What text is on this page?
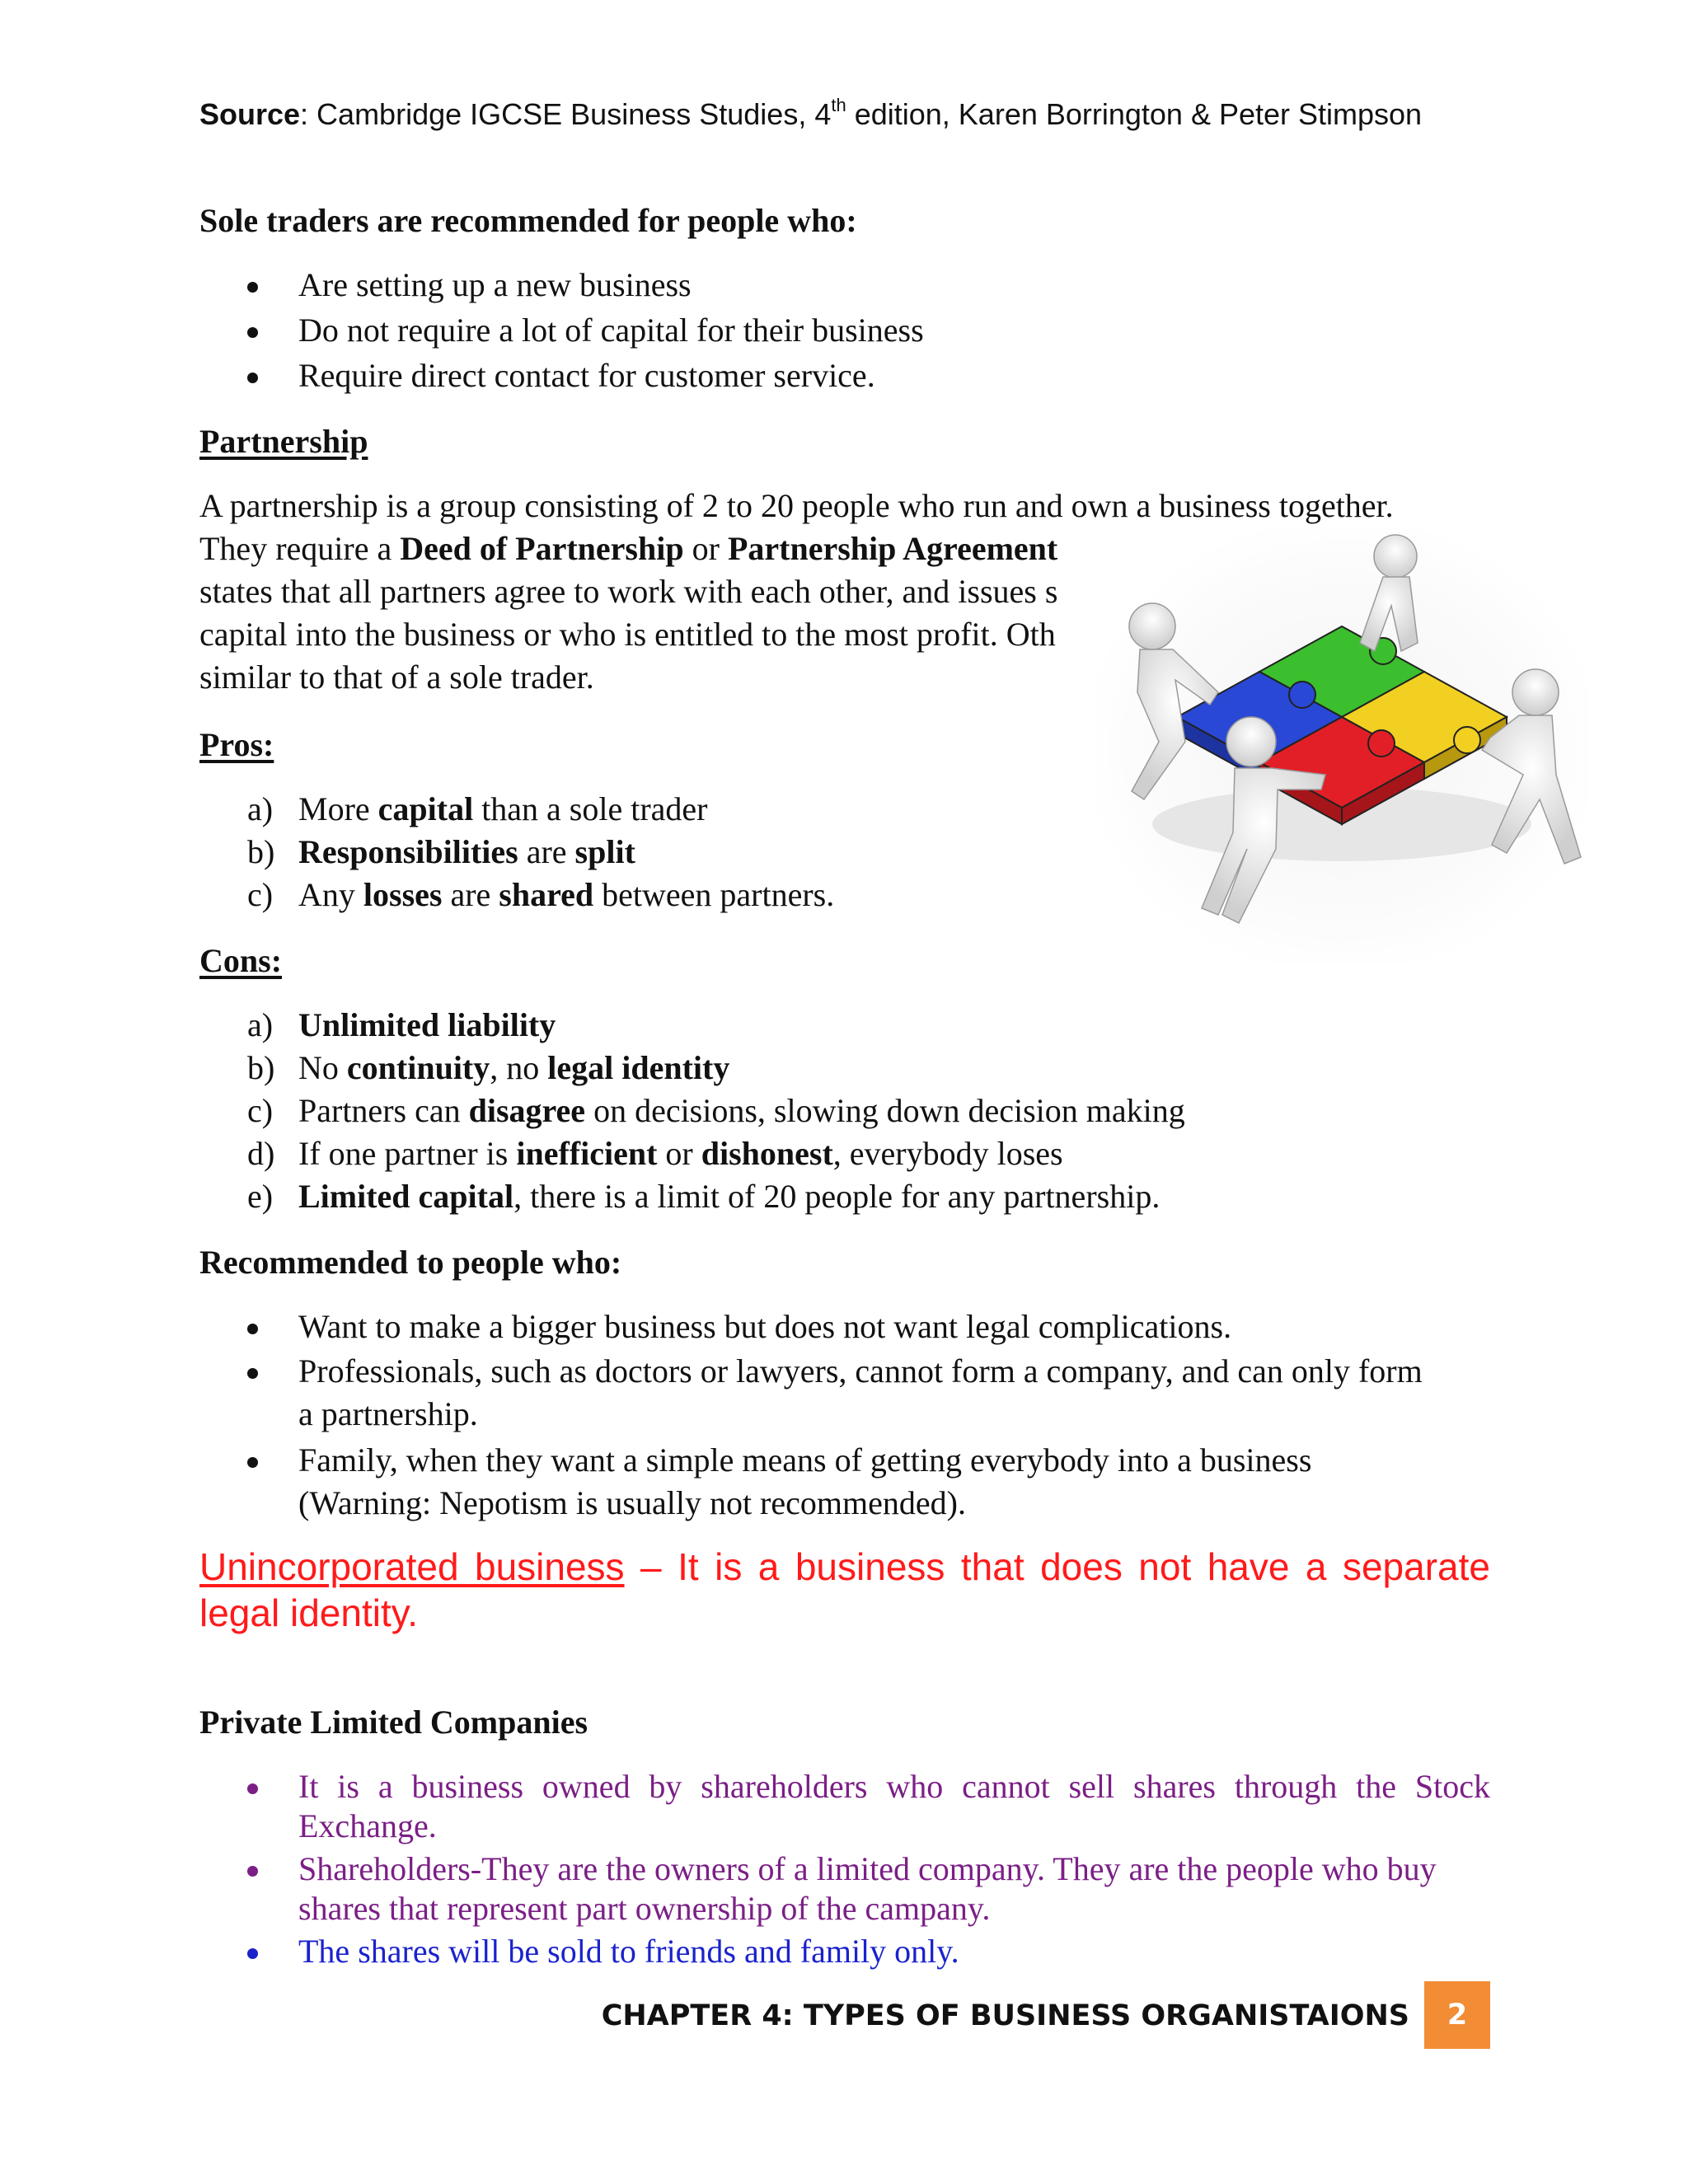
Source: Cambridge IGCSE Business Studies, 4th edition, Karen Borrington & Peter Stimpson
Sole traders are recommended for people who:
Are setting up a new business
Do not require a lot of capital for their business
Require direct contact for customer service.
Partnership
A partnership is a group consisting of 2 to 20 people who run and own a business together.
They require a Deed of Partnership or Partnership Agreement
states that all partners agree to work with each other, and issues s
capital into the business or who is entitled to the most profit. Oth
similar to that of a sole trader.
Pros:
a) More capital than a sole trader
b) Responsibilities are split
c) Any losses are shared between partners.
Cons:
a) Unlimited liability
b) No continuity, no legal identity
c) Partners can disagree on decisions, slowing down decision making
d) If one partner is inefficient or dishonest, everybody loses
e) Limited capital, there is a limit of 20 people for any partnership.
Recommended to people who:
Want to make a bigger business but does not want legal complications.
Professionals, such as doctors or lawyers, cannot form a company, and can only form
a partnership.
Family, when they want a simple means of getting everybody into a business
(Warning: Nepotism is usually not recommended).
Unincorporated business – It is a business that does not have a separate
legal identity.
Private Limited Companies
It is a business owned by shareholders who cannot sell shares through the Stock
Exchange.
Shareholders-They are the owners of a limited company. They are the people who buy
shares that represent part ownership of the campany.
The shares will be sold to friends and family only.
CHAPTER 4: TYPES OF BUSINESS ORGANISTAIONS	2
